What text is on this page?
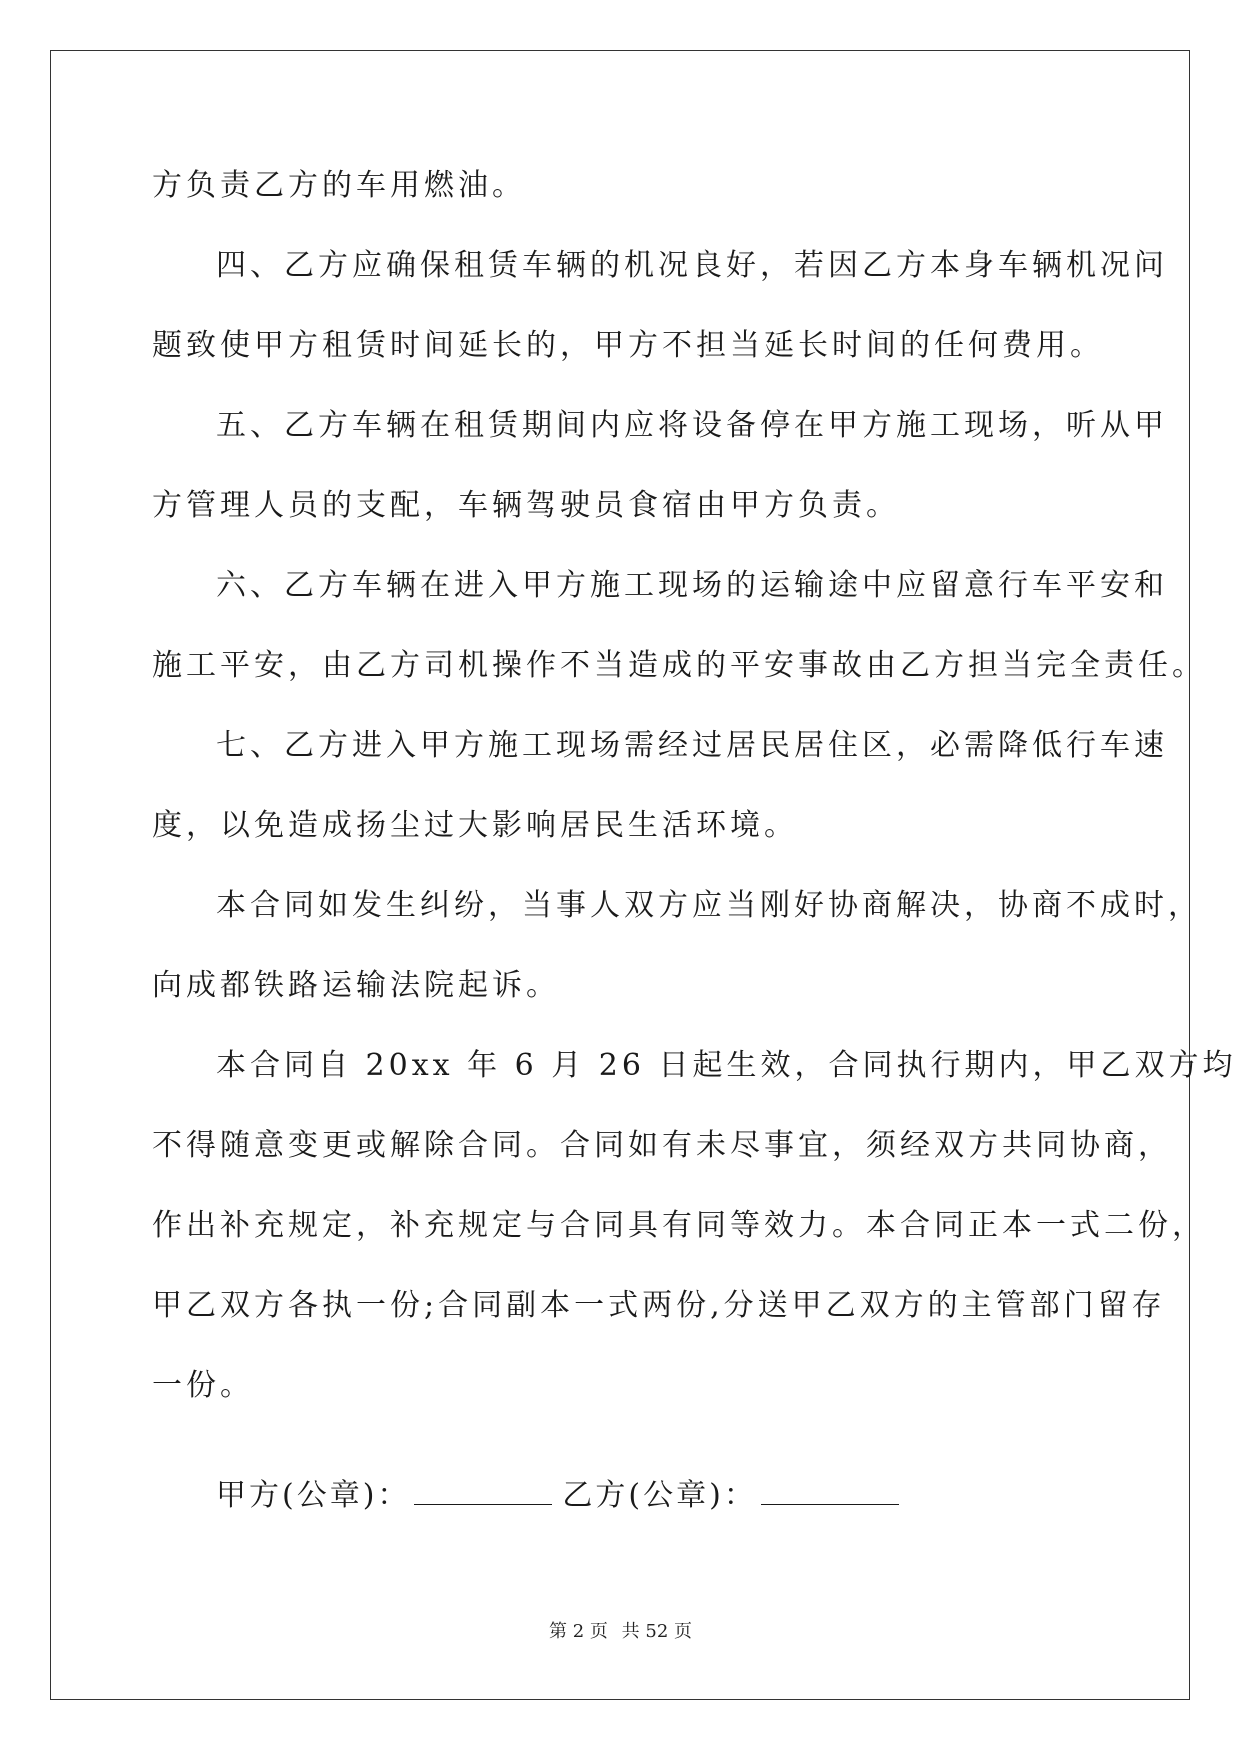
方负责乙方的车用燃油。
四、乙方应确保租赁车辆的机况良好，若因乙方本身车辆机况问
题致使甲方租赁时间延长的，甲方不担当延长时间的任何费用。
五、乙方车辆在租赁期间内应将设备停在甲方施工现场，听从甲
方管理人员的支配，车辆驾驶员食宿由甲方负责。
六、乙方车辆在进入甲方施工现场的运输途中应留意行车平安和
施工平安，由乙方司机操作不当造成的平安事故由乙方担当完全责任。
七、乙方进入甲方施工现场需经过居民居住区，必需降低行车速
度，以免造成扬尘过大影响居民生活环境。
本合同如发生纠纷，当事人双方应当刚好协商解决，协商不成时，
向成都铁路运输法院起诉。
本合同自 20xx 年 6 月 26 日起生效，合同执行期内，甲乙双方均
不得随意变更或解除合同。合同如有未尽事宜，须经双方共同协商，
作出补充规定，补充规定与合同具有同等效力。本合同正本一式二份，
甲乙双方各执一份;合同副本一式两份,分送甲乙双方的主管部门留存
一份。
甲方(公章)：	乙方(公章)：
第 2 页 共 52 页
